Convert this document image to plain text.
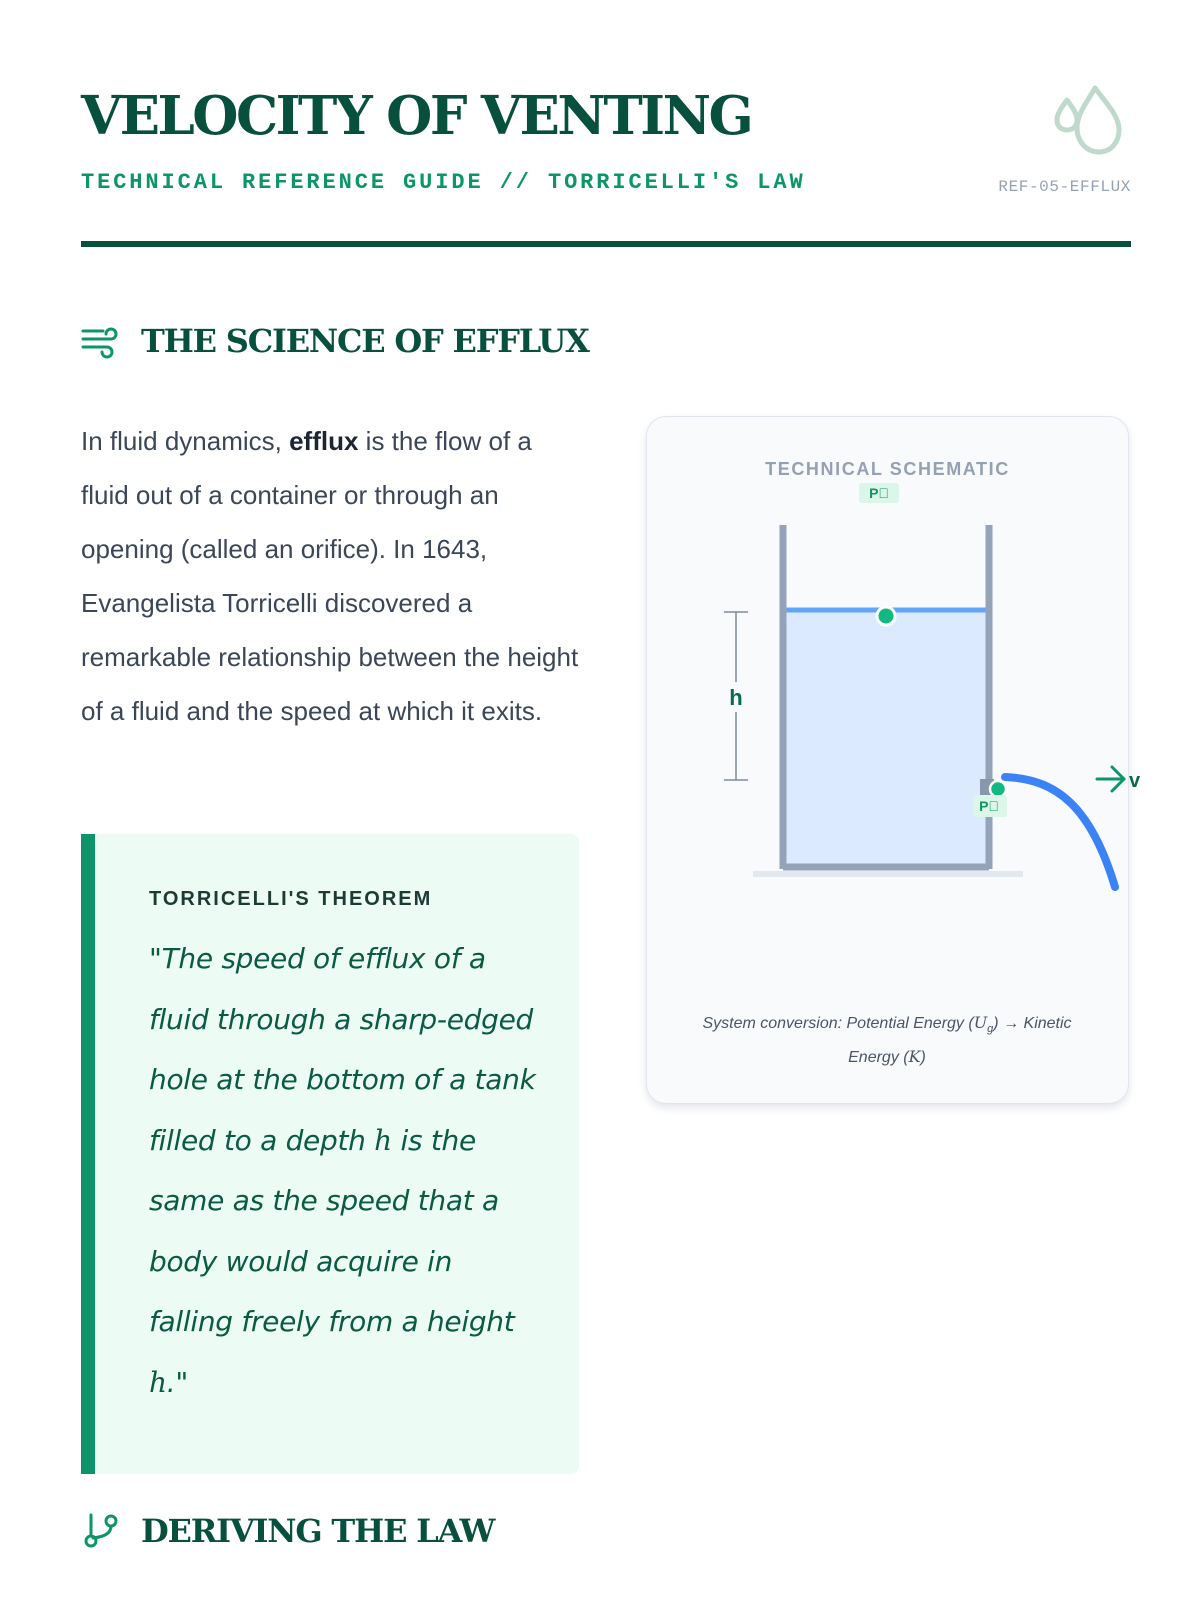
VELOCITY OF VENTING
TECHNICAL REFERENCE GUIDE // TORRICELLI'S LAW	REF-05-EFFLUX
THE SCIENCE OF EFFLUX

In fluid dynamics, efflux is the flow of a fluid out of a container or through an opening (called an orifice). In 1643, Evangelista Torricelli discovered a remarkable relationship between the height of a fluid and the speed at which it exits.

TORRICELLI'S THEOREM
"The speed of efflux of a fluid through a sharp-edged hole at the bottom of a tank filled to a depth h is the same as the speed that a body would acquire in falling freely from a height h."
TECHNICAL SCHEMATIC
P 
h
P 
v
System conversion: Potential Energy $(U_g)$ → Kinetic Energy (K)
DERIVING THE LAW
